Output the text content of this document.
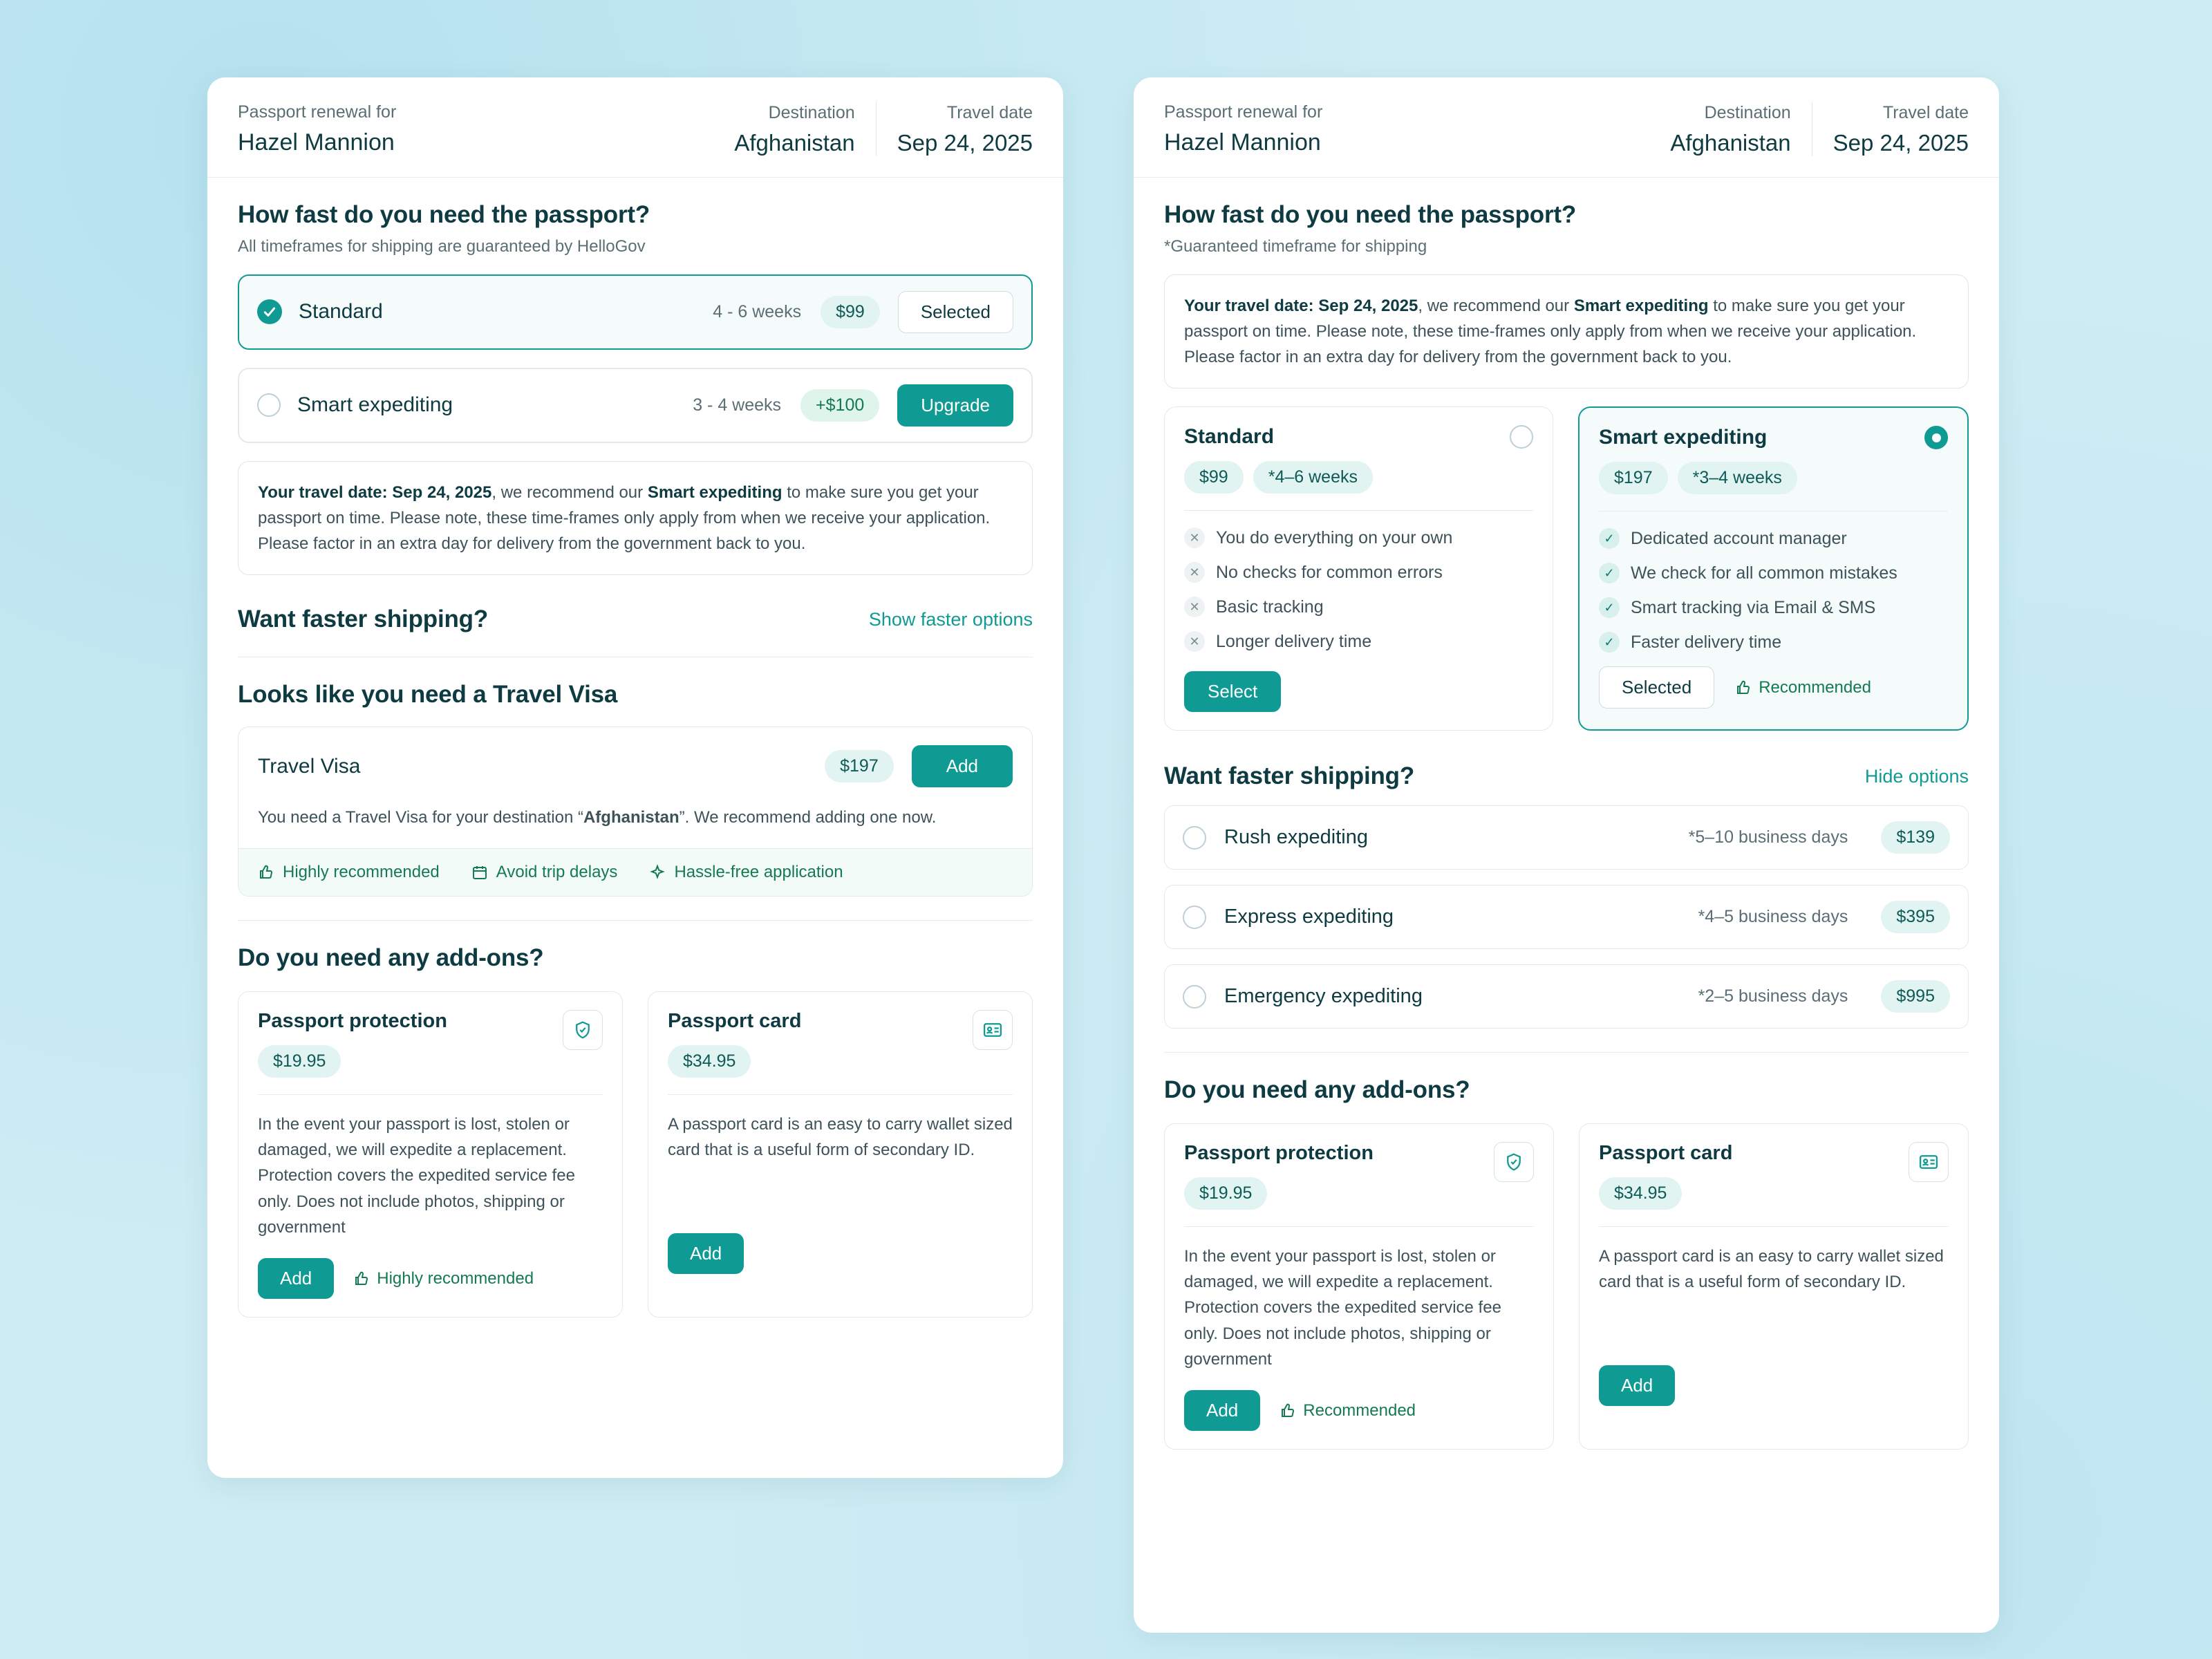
Passport renewal for
Hazel Mannion
Destination
Afghanistan
Travel date
Sep 24, 2025
How fast do you need the passport?
All timeframes for shipping are guaranteed by HelloGov
Standard	4 - 6 weeks	$99	Selected
Smart expediting	3 - 4 weeks	+$100	Upgrade
Your travel date: Sep 24, 2025, we recommend our Smart expediting to make sure you get your passport on time. Please note, these time-frames only apply from when we receive your application. Please factor in an extra day for delivery from the government back to you.
Want faster shipping?	Show faster options
Looks like you need a Travel Visa
Travel Visa	$197	Add
You need a Travel Visa for your destination “Afghanistan”. We recommend adding one now.
Highly recommended	Avoid trip delays	Hassle-free application
Do you need any add-ons?
Passport protection
$19.95
In the event your passport is lost, stolen or damaged, we will expedite a replacement. Protection covers the expedited service fee only. Does not include photos, shipping or government
Add	Highly recommended
Passport card
$34.95
A passport card is an easy to carry wallet sized card that is a useful form of secondary ID.
Add
Passport renewal for
Hazel Mannion
Destination
Afghanistan
Travel date
Sep 24, 2025
How fast do you need the passport?
*Guaranteed timeframe for shipping
Your travel date: Sep 24, 2025, we recommend our Smart expediting to make sure you get your passport on time. Please note, these time-frames only apply from when we receive your application. Please factor in an extra day for delivery from the government back to you.
Standard
$99	*4–6 weeks
✕ You do everything on your own
✕ No checks for common errors
✕ Basic tracking
✕ Longer delivery time
Select
Smart expediting
$197	*3–4 weeks
✓ Dedicated account manager
✓ We check for all common mistakes
✓ Smart tracking via Email & SMS
✓ Faster delivery time
Selected	Recommended
Want faster shipping?	Hide options
Rush expediting	*5–10 business days	$139
Express expediting	*4–5 business days	$395
Emergency expediting	*2–5 business days	$995
Do you need any add-ons?
Passport protection
$19.95
In the event your passport is lost, stolen or damaged, we will expedite a replacement. Protection covers the expedited service fee only. Does not include photos, shipping or government
Add	Recommended
Passport card
$34.95
A passport card is an easy to carry wallet sized card that is a useful form of secondary ID.
Add
